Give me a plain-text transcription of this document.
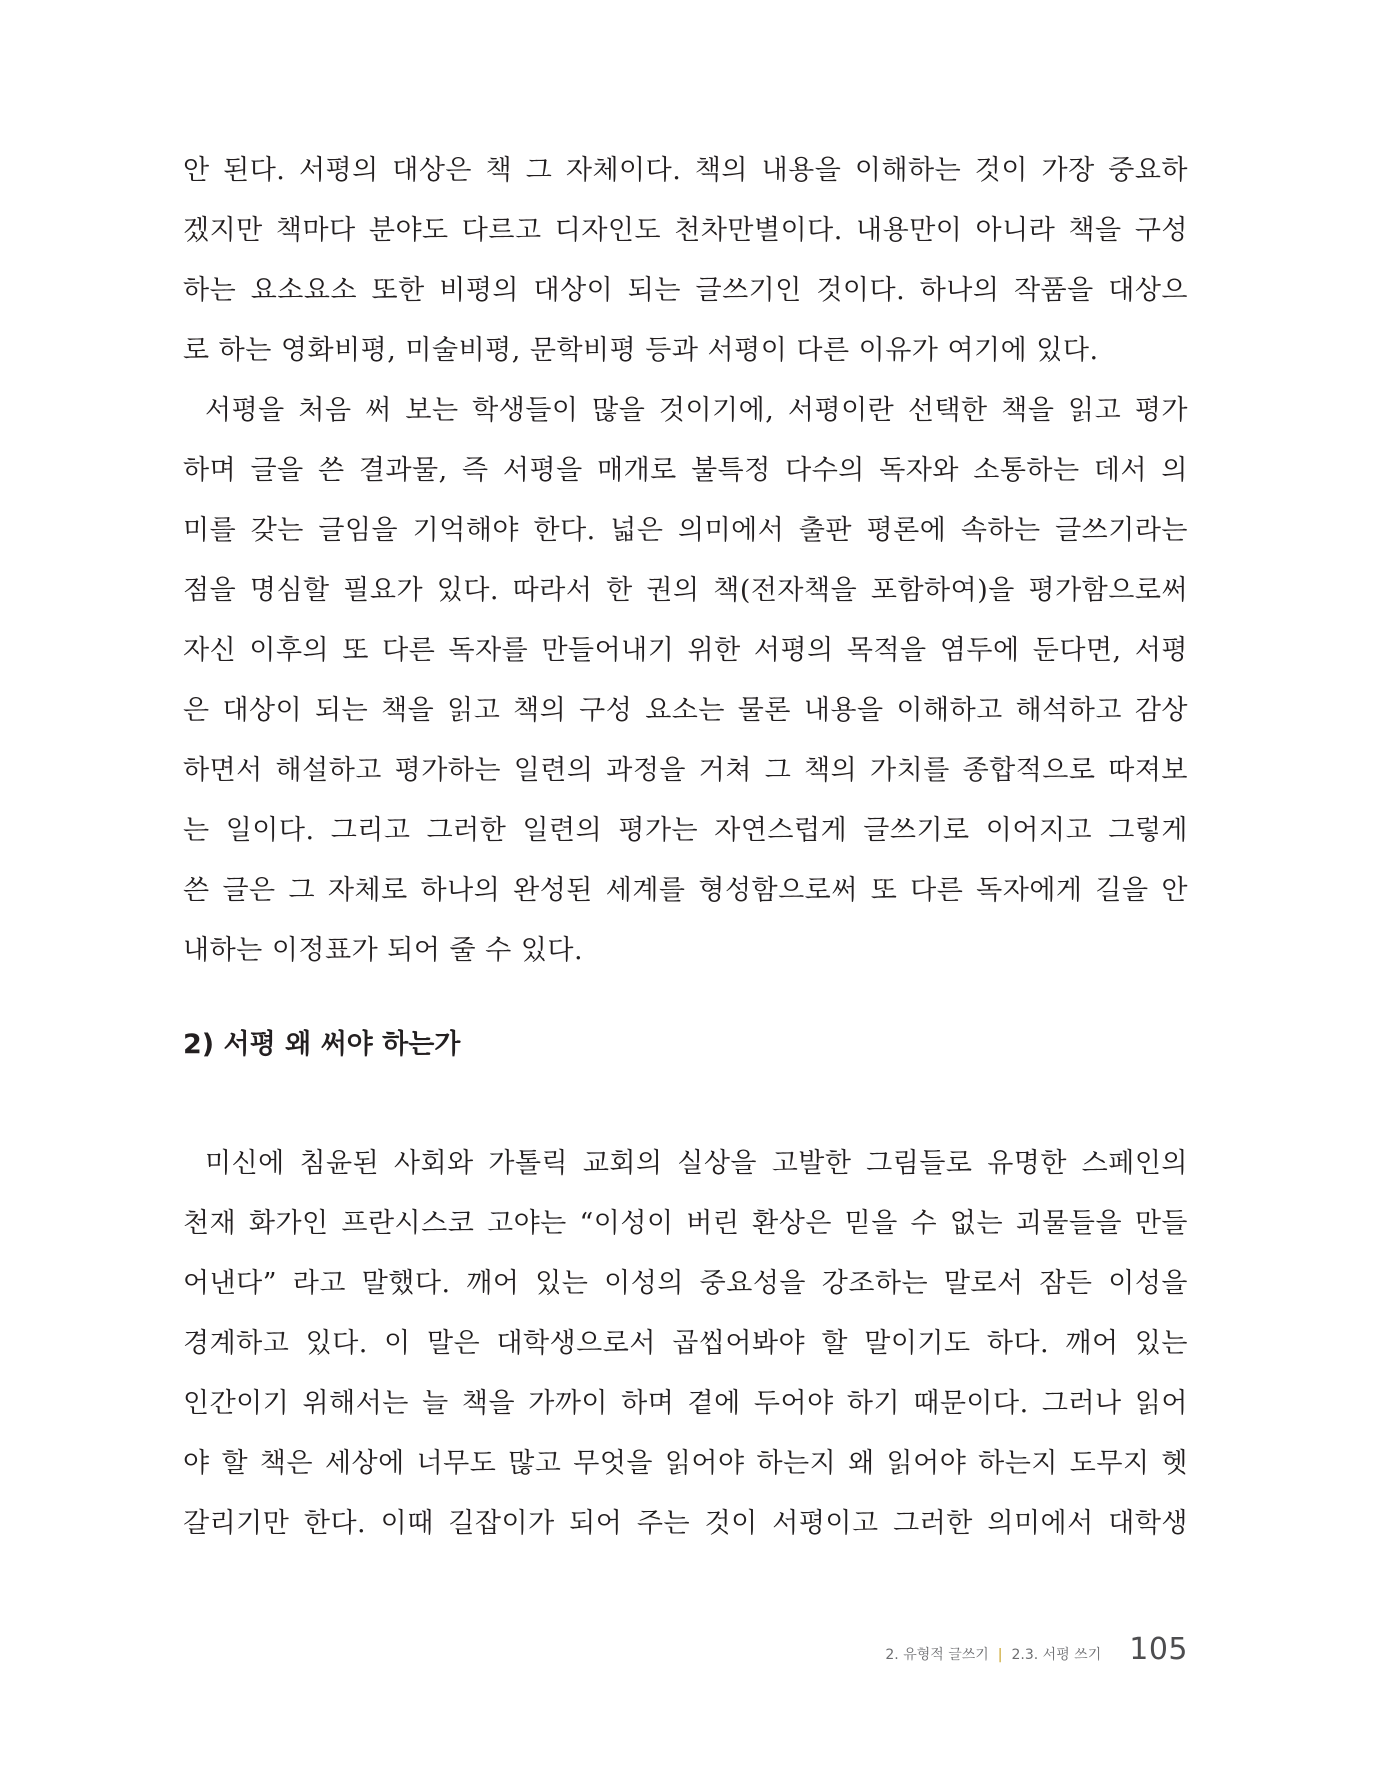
안 된다. 서평의 대상은 책 그 자체이다. 책의 내용을 이해하는 것이 가장 중요하
겠지만 책마다 분야도 다르고 디자인도 천차만별이다. 내용만이 아니라 책을 구성
하는 요소요소 또한 비평의 대상이 되는 글쓰기인 것이다. 하나의 작품을 대상으
로 하는 영화비평, 미술비평, 문학비평 등과 서평이 다른 이유가 여기에 있다.
서평을 처음 써 보는 학생들이 많을 것이기에, 서평이란 선택한 책을 읽고 평가
하며 글을 쓴 결과물, 즉 서평을 매개로 불특정 다수의 독자와 소통하는 데서 의
미를 갖는 글임을 기억해야 한다. 넓은 의미에서 출판 평론에 속하는 글쓰기라는
점을 명심할 필요가 있다. 따라서 한 권의 책(전자책을 포함하여)을 평가함으로써
자신 이후의 또 다른 독자를 만들어내기 위한 서평의 목적을 염두에 둔다면, 서평
은 대상이 되는 책을 읽고 책의 구성 요소는 물론 내용을 이해하고 해석하고 감상
하면서 해설하고 평가하는 일련의 과정을 거쳐 그 책의 가치를 종합적으로 따져보
는 일이다. 그리고 그러한 일련의 평가는 자연스럽게 글쓰기로 이어지고 그렇게
쓴 글은 그 자체로 하나의 완성된 세계를 형성함으로써 또 다른 독자에게 길을 안
내하는 이정표가 되어 줄 수 있다.
2) 서평 왜 써야 하는가
미신에 침윤된 사회와 가톨릭 교회의 실상을 고발한 그림들로 유명한 스페인의
천재 화가인 프란시스코 고야는 “이성이 버린 환상은 믿을 수 없는 괴물들을 만들
어낸다” 라고 말했다. 깨어 있는 이성의 중요성을 강조하는 말로서 잠든 이성을
경계하고 있다. 이 말은 대학생으로서 곱씹어봐야 할 말이기도 하다. 깨어 있는
인간이기 위해서는 늘 책을 가까이 하며 곁에 두어야 하기 때문이다. 그러나 읽어
야 할 책은 세상에 너무도 많고 무엇을 읽어야 하는지 왜 읽어야 하는지 도무지 헷
갈리기만 한다. 이때 길잡이가 되어 주는 것이 서평이고 그러한 의미에서 대학생
2. 유형적 글쓰기 | 2.3. 서평 쓰기 105
